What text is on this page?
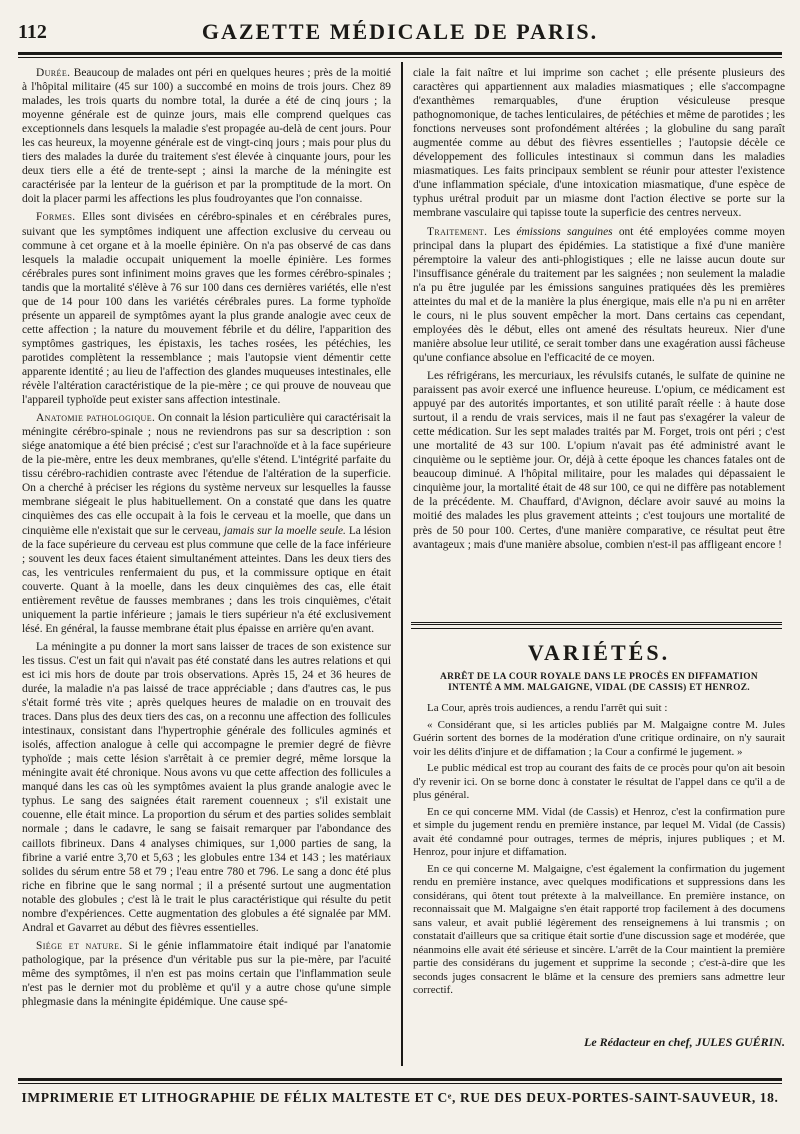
112	GAZETTE MÉDICALE DE PARIS.

Durée. Beaucoup de malades ont péri en quelques heures ; près de la moitié à l'hôpital militaire (45 sur 100) a succombé en moins de trois jours. Chez 89 malades, les trois quarts du nombre total, la durée a été de cinq jours ; la moyenne générale est de quinze jours, mais elle comprend quelques cas exceptionnels dans lesquels la maladie s'est propagée au-delà de cent jours. Pour les cas heureux, la moyenne générale est de vingt-cinq jours ; mais pour plus du tiers des malades la durée du traitement s'est élevée à cinquante jours, pour les deux tiers elle a été de trente-sept ; ainsi la marche de la méningite est caractérisée par la lenteur de la guérison et par la promptitude de la mort. On doit la placer parmi les affections les plus foudroyantes que l'on connaisse.

Formes. Elles sont divisées en cérébro-spinales et en cérébrales pures, suivant que les symptômes indiquent une affection exclusive du cerveau ou commune à cet organe et à la moelle épinière. On n'a pas observé de cas dans lesquels la maladie occupait uniquement la moelle épinière. Les formes cérébrales pures sont infiniment moins graves que les formes cérébro-spinales ; tandis que la mortalité s'élève à 76 sur 100 dans ces dernières variétés, elle n'est que de 14 pour 100 dans les variétés cérébrales pures. La forme typhoïde présente un appareil de symptômes ayant la plus grande analogie avec ceux de cette affection ; la nature du mouvement fébrile et du délire, l'apparition des symptômes gastriques, les épistaxis, les taches rosées, les pétéchies, les parotides complètent la ressemblance ; mais l'autopsie vient démentir cette apparente identité ; au lieu de l'affection des glandes muqueuses intestinales, elle révèle l'altération caractéristique de la pie-mère ; ce qui prouve de nouveau que l'appareil typhoïde peut exister sans affection intestinale.

Anatomie pathologique. On connait la lésion particulière qui caractérisait la méningite cérébro-spinale ; nous ne reviendrons pas sur sa description : son siége anatomique a été bien précisé ; c'est sur l'arachnoïde et à la face supérieure de la pie-mère, entre les deux membranes, qu'elle s'étend. L'intégrité parfaite du tissu cérébro-rachidien contraste avec l'étendue de l'altération de la superficie. On a cherché à préciser les régions du système nerveux sur lesquelles la fausse membrane siégeait le plus habituellement. On a constaté que dans les quatre cinquièmes des cas elle occupait à la fois le cerveau et la moelle, que dans un cinquième elle n'existait que sur le cerveau, jamais sur la moelle seule. La lésion de la face supérieure du cerveau est plus commune que celle de la face inférieure ; souvent les deux faces étaient simultanément atteintes. Dans les deux tiers des cas, les ventricules renfermaient du pus, et la commissure optique en était couverte. Quant à la moelle, dans les deux cinquièmes des cas, elle était entièrement revêtue de fausses membranes ; dans les trois cinquièmes, c'était uniquement la partie inférieure ; jamais le tiers supérieur n'a été exclusivement lésé. En général, la fausse membrane était plus épaisse en arrière qu'en avant.

La méningite a pu donner la mort sans laisser de traces de son existence sur les tissus. C'est un fait qui n'avait pas été constaté dans les autres relations et qui est ici mis hors de doute par trois observations. Après 15, 24 et 36 heures de durée, la maladie n'a pas laissé de trace appréciable ; dans d'autres cas, le pus s'était formé très vite ; après quelques heures de maladie on en trouvait des traces. Dans plus des deux tiers des cas, on a reconnu une affection des follicules intestinaux, consistant dans l'hypertrophie générale des follicules agminés et isolés, affection analogue à celle qui accompagne le premier degré de fièvre typhoïde ; mais cette lésion s'arrêtait à ce premier degré, même lorsque la méningite avait été chronique. Nous avons vu que cette affection des follicules a manqué dans les cas où les symptômes avaient la plus grande analogie avec le typhus. Le sang des saignées était rarement couenneux ; s'il existait une couenne, elle était mince. La proportion du sérum et des parties solides semblait normale ; dans le cadavre, le sang se faisait remarquer par l'abondance des caillots fibrineux. Dans 4 analyses chimiques, sur 1,000 parties de sang, la fibrine a varié entre 3,70 et 5,63 ; les globules entre 134 et 143 ; les matériaux solides du sérum entre 58 et 79 ; l'eau entre 780 et 796. Le sang a donc été plus riche en fibrine que le sang normal ; il a présenté surtout une augmentation notable des globules ; c'est là le trait le plus caractéristique qui résulte du petit nombre d'expériences. Cette augmentation des globules a été signalée par MM. Andral et Gavarret au début des fièvres essentielles.

Siége et nature. Si le génie inflammatoire était indiqué par l'anatomie pathologique, par la présence d'un véritable pus sur la pie-mère, par l'acuité même des symptômes, il n'en est pas moins certain que l'inflammation seule n'est pas le dernier mot du problème et qu'il y a autre chose qu'une simple phlegmasie dans la méningite épidémique. Une cause spé-

ciale la fait naître et lui imprime son cachet ; elle présente plusieurs des caractères qui appartiennent aux maladies miasmatiques ; elle s'accompagne d'exanthèmes remarquables, d'une éruption vésiculeuse presque pathognomonique, de taches lenticulaires, de pétéchies et même de parotides ; les fonctions nerveuses sont profondément altérées ; la globuline du sang paraît augmentée comme au début des fièvres essentielles ; l'autopsie décèle ce développement des follicules intestinaux si commun dans les maladies miasmatiques. Les faits principaux semblent se réunir pour attester l'existence d'une inflammation spéciale, d'une intoxication miasmatique, d'une espèce de typhus urétral produit par un miasme dont l'action élective se porte sur la membrane vasculaire qui tapisse toute la superficie des centres nerveux.

Traitement. Les émissions sanguines ont été employées comme moyen principal dans la plupart des épidémies. La statistique a fixé d'une manière péremptoire la valeur des anti-phlogistiques ; elle ne laisse aucun doute sur l'insuffisance générale du traitement par les saignées ; non seulement la maladie n'a pu être jugulée par les émissions sanguines pratiquées dès les premières atteintes du mal et de la manière la plus énergique, mais elle n'a pu ni en arrêter le cours, ni le plus souvent empêcher la mort. Dans certains cas cependant, employées dès le début, elles ont amené des résultats heureux. Nier d'une manière absolue leur utilité, ce serait tomber dans une exagération aussi fâcheuse qu'une confiance absolue en l'efficacité de ce moyen.

Les réfrigérans, les mercuriaux, les révulsifs cutanés, le sulfate de quinine ne paraissent pas avoir exercé une influence heureuse. L'opium, ce médicament est appuyé par des autorités importantes, et son utilité paraît réelle : à haute dose surtout, il a rendu de vrais services, mais il ne faut pas s'exagérer la valeur de cette médication. Sur les sept malades traités par M. Forget, trois ont péri ; c'est une mortalité de 43 sur 100. L'opium n'avait pas été administré avant le cinquième ou le septième jour. Or, déjà à cette époque les chances fatales ont de beaucoup diminué. A l'hôpital militaire, pour les malades qui dépassaient le cinquième jour, la mortalité était de 48 sur 100, ce qui ne diffère pas notablement de la précédente. M. Chauffard, d'Avignon, déclare avoir sauvé au moins la moitié des malades les plus gravement atteints ; c'est toujours une mortalité de près de 50 pour 100. Certes, d'une manière comparative, ce résultat peut être avantageux ; mais d'une manière absolue, combien n'est-il pas affligeant encore !

VARIÉTÉS.
ARRÊT DE LA COUR ROYALE DANS LE PROCÈS EN DIFFAMATION INTENTÉ A MM. MALGAIGNE, VIDAL (DE CASSIS) ET HENROZ.

La Cour, après trois audiences, a rendu l'arrêt qui suit :

« Considérant que, si les articles publiés par M. Malgaigne contre M. Jules Guérin sortent des bornes de la modération d'une critique ordinaire, on n'y saurait voir les délits d'injure et de diffamation ; la Cour a confirmé le jugement. »

Le public médical est trop au courant des faits de ce procès pour qu'on ait besoin d'y revenir ici. On se borne donc à constater le résultat de l'appel dans ce qu'il a de plus général.

En ce qui concerne MM. Vidal (de Cassis) et Henroz, c'est la confirmation pure et simple du jugement rendu en première instance, par lequel M. Vidal (de Cassis) avait été condamné pour outrages, termes de mépris, injures publiques ; et M. Henroz, pour injure et diffamation.

En ce qui concerne M. Malgaigne, c'est également la confirmation du jugement rendu en première instance, avec quelques modifications et suppressions dans les considérans, qui ôtent tout prétexte à la malveillance. En première instance, on reconnaissait que M. Malgaigne s'en était rapporté trop facilement à des documens sans valeur, et avait publié légèrement des renseignemens à lui transmis ; on constatait d'ailleurs que sa critique était sortie d'une discussion sage et modérée, que néanmoins elle avait été sérieuse et sincère. L'arrêt de la Cour maintient la première partie des considérans du jugement et supprime la seconde ; c'est-à-dire que les seconds juges consacrent le blâme et la censure des premiers sans admettre leur correctif.

Le Rédacteur en chef, JULES GUÉRIN.
IMPRIMERIE ET LITHOGRAPHIE DE FÉLIX MALTESTE ET Cᵉ, RUE DES DEUX-PORTES-SAINT-SAUVEUR, 18.
